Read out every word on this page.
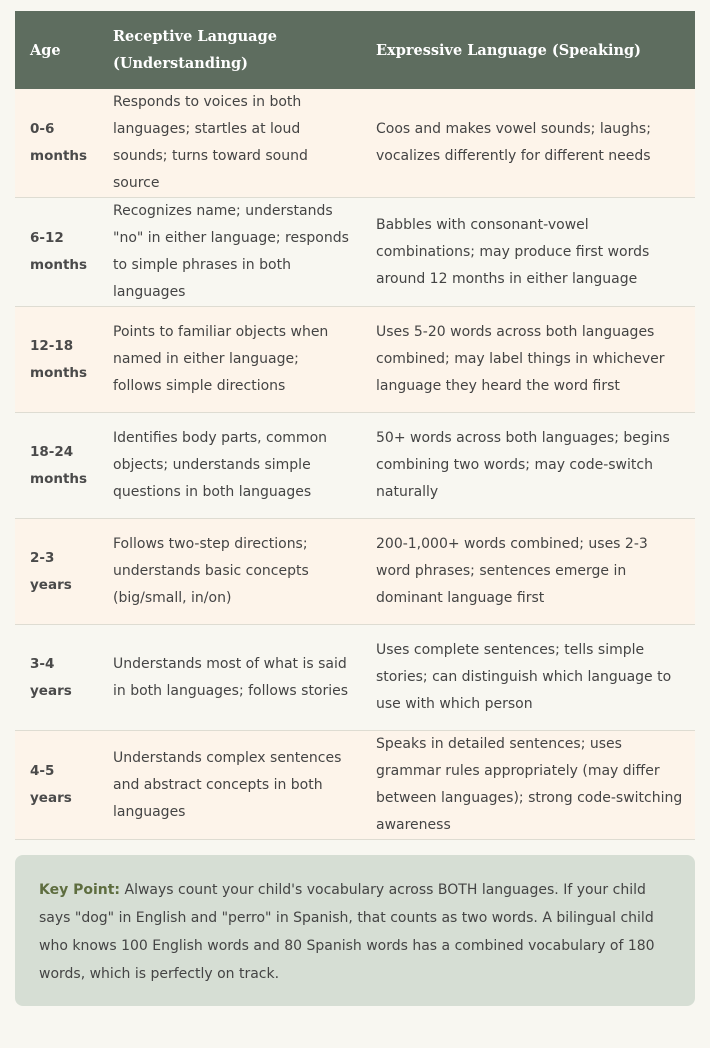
Age	Receptive Language (Understanding)	Expressive Language (Speaking)
0-6 months	Responds to voices in both languages; startles at loud sounds; turns toward sound source	Coos and makes vowel sounds; laughs; vocalizes differently for different needs
6-12 months	Recognizes name; understands "no" in either language; responds to simple phrases in both languages	Babbles with consonant-vowel combinations; may produce first words around 12 months in either language
12-18 months	Points to familiar objects when named in either language; follows simple directions	Uses 5-20 words across both languages combined; may label things in whichever language they heard the word first
18-24 months	Identifies body parts, common objects; understands simple questions in both languages	50+ words across both languages; begins combining two words; may code-switch naturally
2-3 years	Follows two-step directions; understands basic concepts (big/small, in/on)	200-1,000+ words combined; uses 2-3 word phrases; sentences emerge in dominant language first
3-4 years	Understands most of what is said in both languages; follows stories	Uses complete sentences; tells simple stories; can distinguish which language to use with which person
4-5 years	Understands complex sentences and abstract concepts in both languages	Speaks in detailed sentences; uses grammar rules appropriately (may differ between languages); strong code-switching awareness
Key Point: Always count your child's vocabulary across BOTH languages. If your child says "dog" in English and "perro" in Spanish, that counts as two words. A bilingual child who knows 100 English words and 80 Spanish words has a combined vocabulary of 180 words, which is perfectly on track.
